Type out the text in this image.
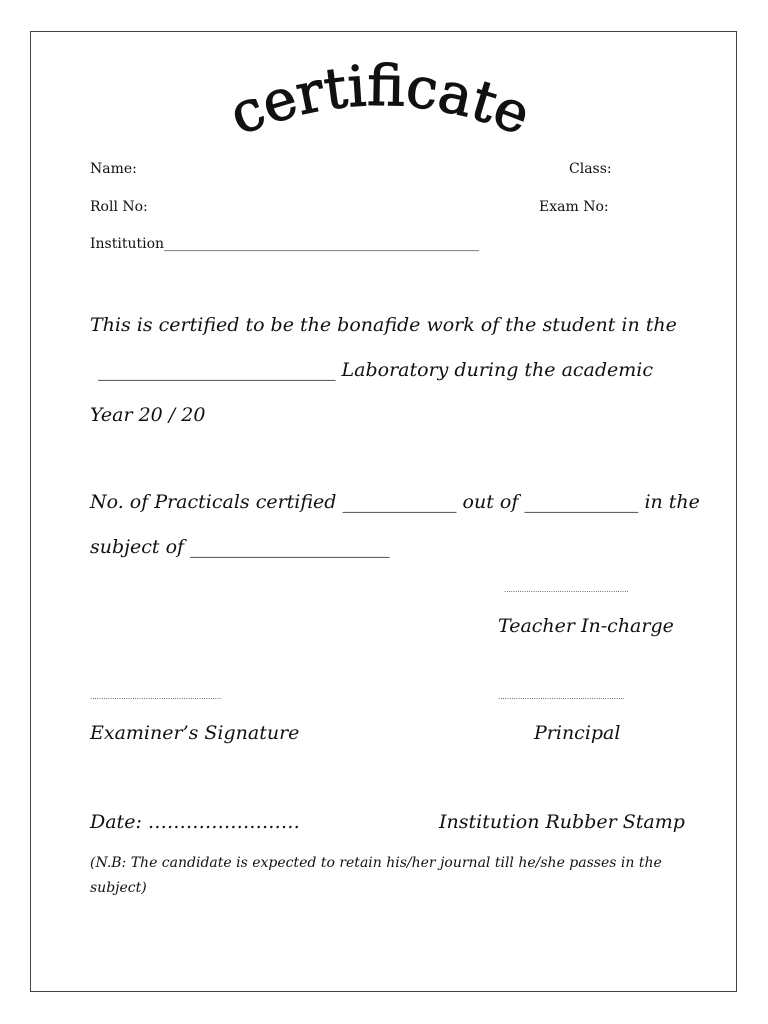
certificate
Name:	Class:
Roll No:	Exam No:
Institution_____________________________________________
This is certified to be the bonafide work of the student in the
_________________________ Laboratory during the academic
Year 20 / 20
No. of Practicals certified ____________ out of ____________ in the
subject of _____________________
........................................................
Teacher In-charge
...........................................................	.........................................................
Examiner’s Signature	Principal
Date: ……………………	Institution Rubber Stamp
(N.B: The candidate is expected to retain his/her journal till he/she passes in the subject)
